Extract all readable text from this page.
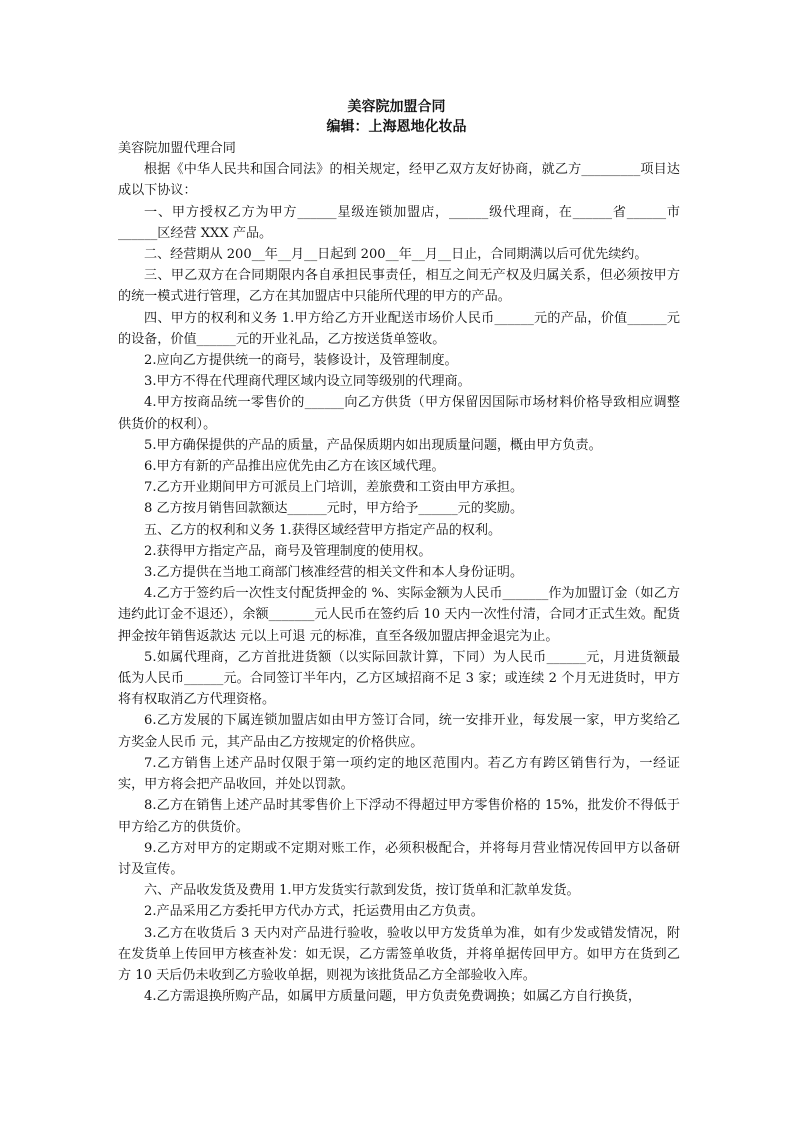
美容院加盟合同
编辑：上海恩地化妆品

美容院加盟代理合同

根据《中华人民共和国合同法》的相关规定，经甲乙双方友好协商，就乙方_________项目达成以下协议：

一、甲方授权乙方为甲方______星级连锁加盟店，______级代理商，在______省______市______区经营 XXX 产品。

二、经营期从 200__年__月__日起到 200__年__月__日止，合同期满以后可优先续约。

三、甲乙双方在合同期限内各自承担民事责任，相互之间无产权及归属关系，但必须按甲方的统一模式进行管理，乙方在其加盟店中只能所代理的甲方的产品。

四、甲方的权利和义务 1.甲方给乙方开业配送市场价人民币______元的产品，价值______元的设备，价值______元的开业礼品，乙方按送货单签收。

2.应向乙方提供统一的商号，装修设计，及管理制度。

3.甲方不得在代理商代理区域内设立同等级别的代理商。

4.甲方按商品统一零售价的______向乙方供货（甲方保留因国际市场材料价格导致相应调整供货价的权利）。

5.甲方确保提供的产品的质量，产品保质期内如出现质量问题，概由甲方负责。

6.甲方有新的产品推出应优先由乙方在该区域代理。

7.乙方开业期间甲方可派员上门培训，差旅费和工资由甲方承担。

8 乙方按月销售回款额达______元时，甲方给予______元的奖励。

五、乙方的权利和义务 1.获得区域经营甲方指定产品的权利。

2.获得甲方指定产品，商号及管理制度的使用权。

3.乙方提供在当地工商部门核准经营的相关文件和本人身份证明。

4.乙方于签约后一次性支付配货押金的 %、实际金额为人民币_______作为加盟订金（如乙方违约此订金不退还），余额_______元人民币在签约后 10 天内一次性付清，合同才正式生效。配货押金按年销售返款达 元以上可退 元的标准，直至各级加盟店押金退完为止。

5.如属代理商，乙方首批进货额（以实际回款计算，下同）为人民币______元，月进货额最低为人民币______元。合同签订半年内，乙方区域招商不足 3 家；或连续 2 个月无进货时，甲方将有权取消乙方代理资格。

6.乙方发展的下属连锁加盟店如由甲方签订合同，统一安排开业，每发展一家，甲方奖给乙方奖金人民币 元，其产品由乙方按规定的价格供应。

7.乙方销售上述产品时仅限于第一项约定的地区范围内。若乙方有跨区销售行为，一经证实，甲方将会把产品收回，并处以罚款。

8.乙方在销售上述产品时其零售价上下浮动不得超过甲方零售价格的 15%，批发价不得低于甲方给乙方的供货价。

9.乙方对甲方的定期或不定期对账工作，必须积极配合，并将每月营业情况传回甲方以备研讨及宣传。

六、产品收发货及费用 1.甲方发货实行款到发货，按订货单和汇款单发货。

2.产品采用乙方委托甲方代办方式，托运费用由乙方负责。

3.乙方在收货后 3 天内对产品进行验收，验收以甲方发货单为准，如有少发或错发情况，附在发货单上传回甲方核查补发：如无误，乙方需签单收货，并将单据传回甲方。如甲方在货到乙方 10 天后仍未收到乙方验收单据，则视为该批货品乙方全部验收入库。

4.乙方需退换所购产品，如属甲方质量问题，甲方负责免费调换；如属乙方自行换货，
